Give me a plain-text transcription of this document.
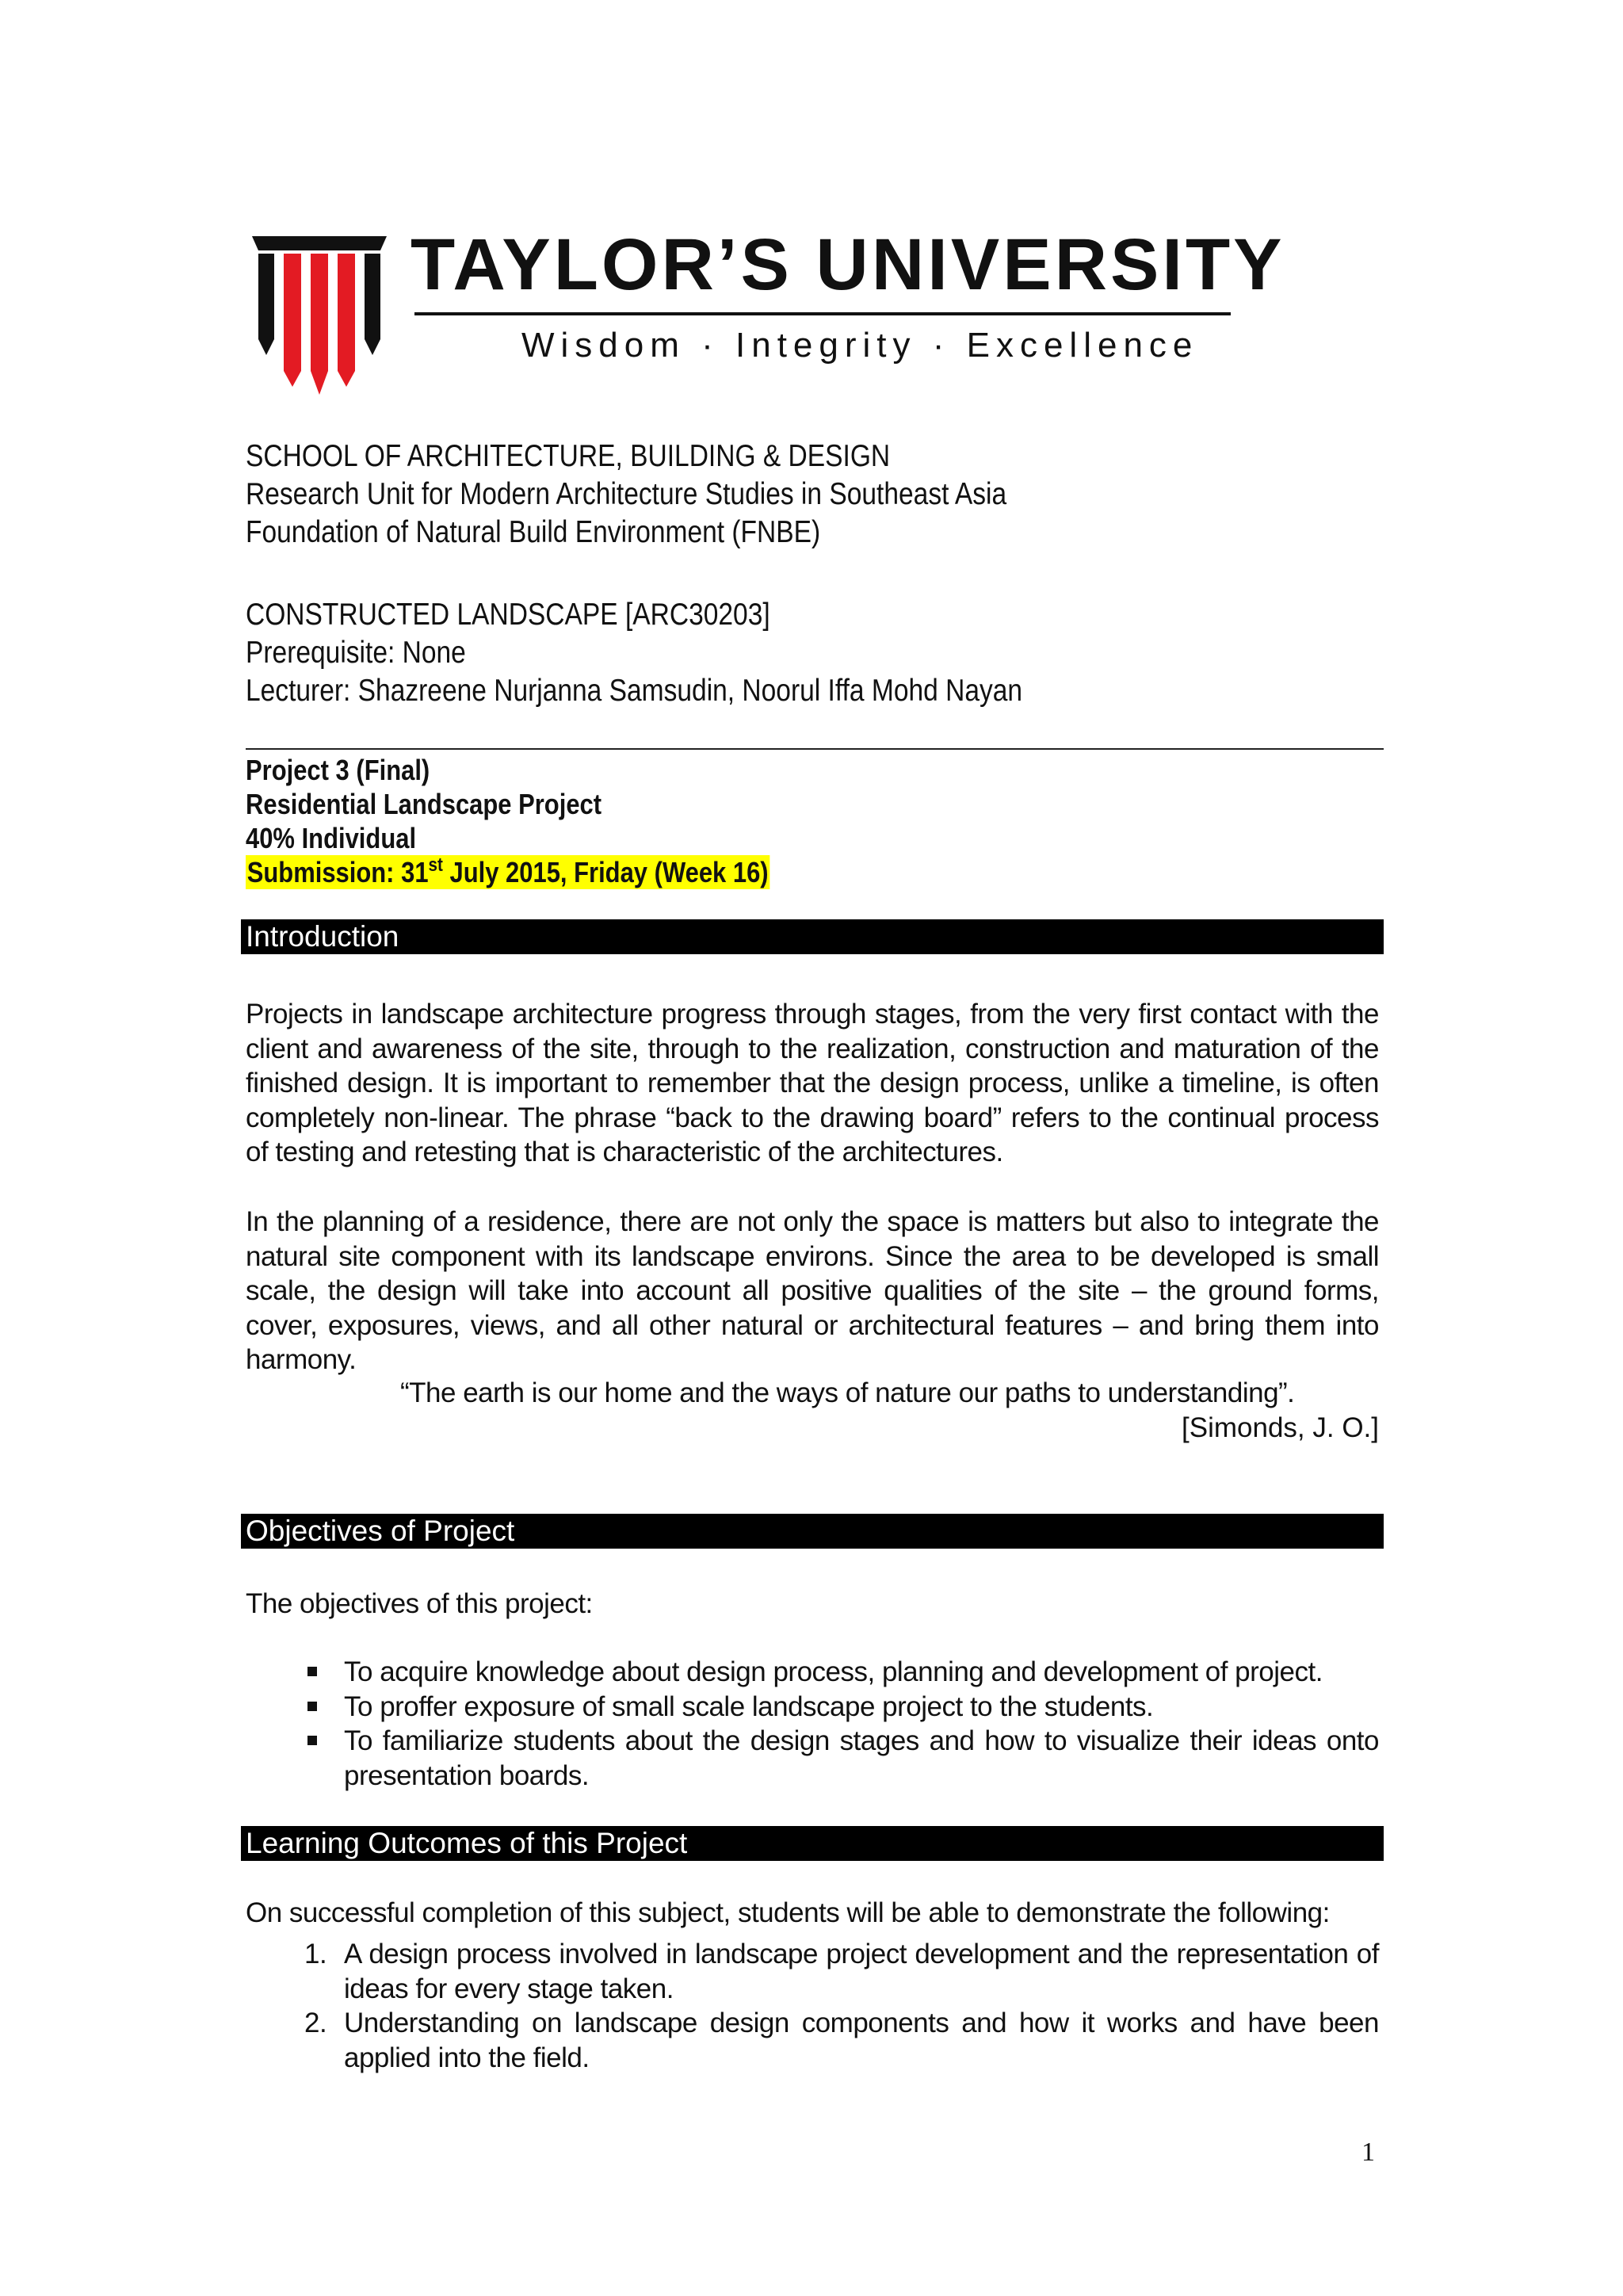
TAYLOR’S UNIVERSITY
Wisdom · Integrity · Excellence
SCHOOL OF ARCHITECTURE, BUILDING & DESIGN
Research Unit for Modern Architecture Studies in Southeast Asia
Foundation of Natural Build Environment (FNBE)
CONSTRUCTED LANDSCAPE [ARC30203]
Prerequisite: None
Lecturer: Shazreene Nurjanna Samsudin, Noorul Iffa Mohd Nayan
Project 3 (Final)
Residential Landscape Project
40% Individual
Submission: 31st July 2015, Friday (Week 16)
Introduction
Projects in landscape architecture progress through stages, from the very first contact with the client and awareness of the site, through to the realization, construction and maturation of the finished design. It is important to remember that the design process, unlike a timeline, is often completely non-linear. The phrase “back to the drawing board” refers to the continual process of testing and retesting that is characteristic of the architectures.
In the planning of a residence, there are not only the space is matters but also to integrate the natural site component with its landscape environs. Since the area to be developed is small scale, the design will take into account all positive qualities of the site – the ground forms, cover, exposures, views, and all other natural or architectural features – and bring them into harmony.
“The earth is our home and the ways of nature our paths to understanding”.
[Simonds, J. O.]
Objectives of Project
The objectives of this project:
To acquire knowledge about design process, planning and development of project.
To proffer exposure of small scale landscape project to the students.
To familiarize students about the design stages and how to visualize their ideas onto presentation boards.
Learning Outcomes of this Project
On successful completion of this subject, students will be able to demonstrate the following:
1. A design process involved in landscape project development and the representation of ideas for every stage taken.
2. Understanding on landscape design components and how it works and have been applied into the field.
1
